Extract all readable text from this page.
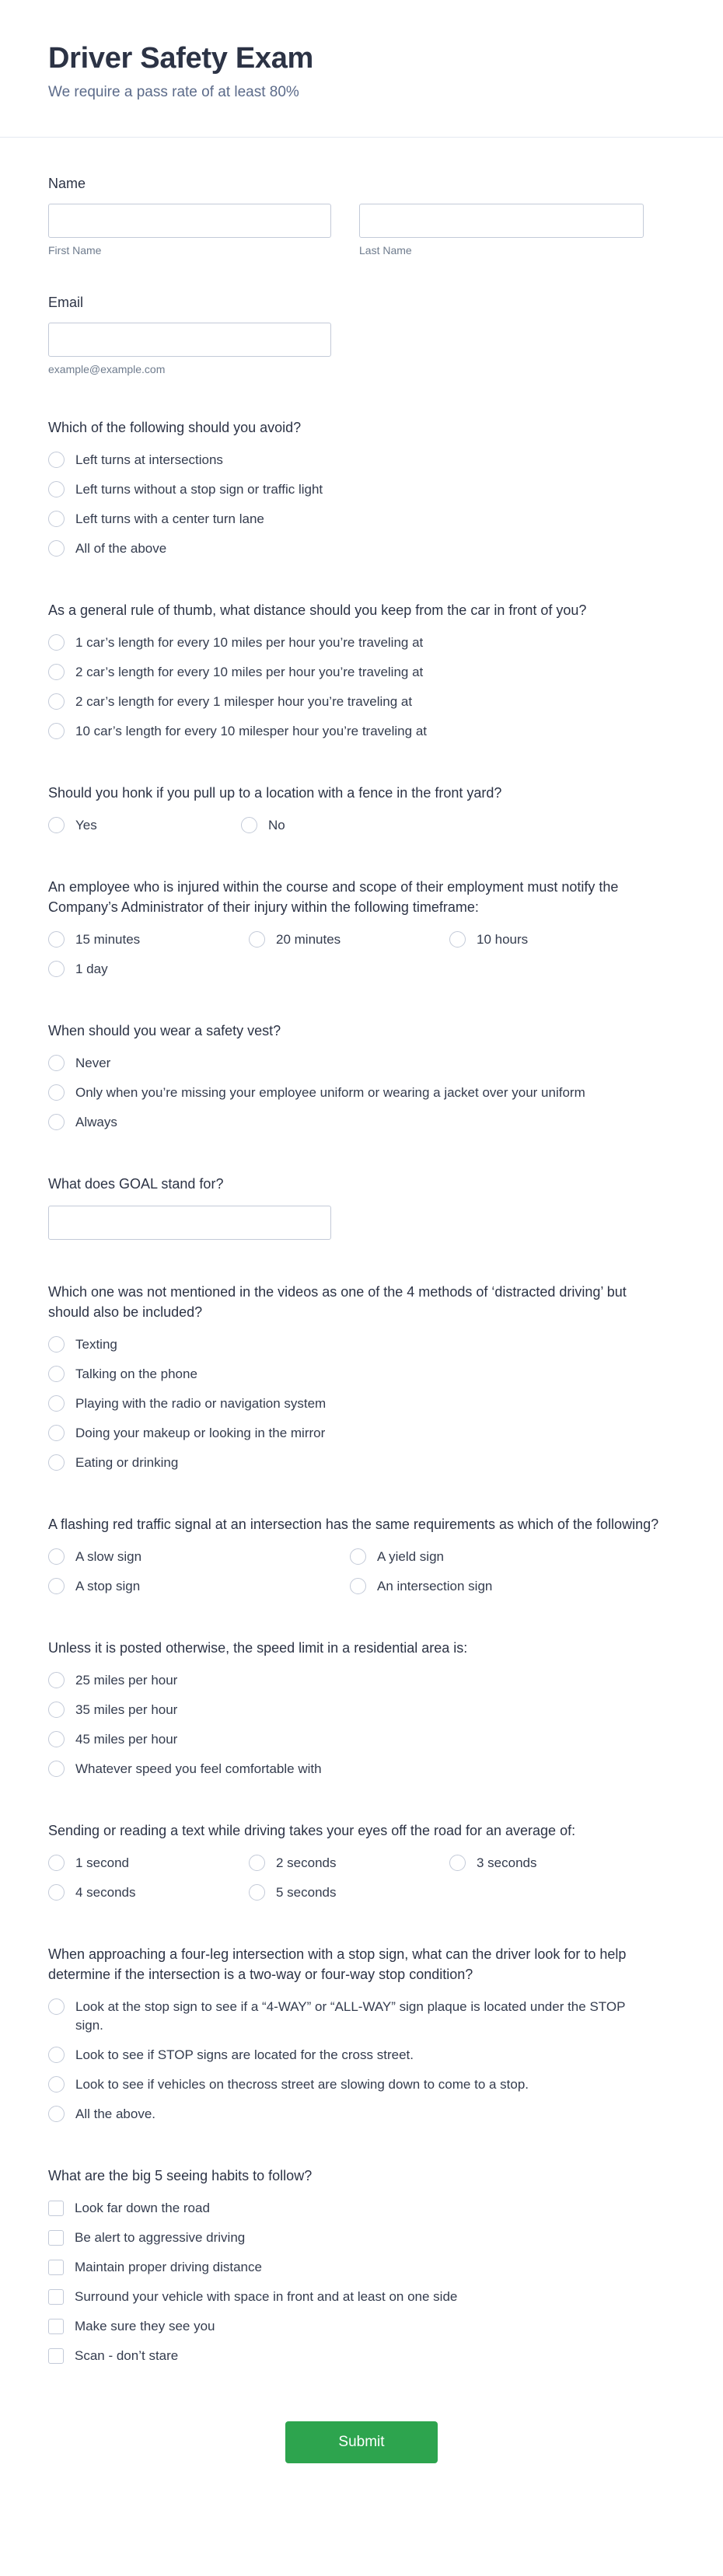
Driver Safety Exam
We require a pass rate of at least 80%
Name
First Name	Last Name
Email
example@example.com
Which of the following should you avoid?
Left turns at intersections
Left turns without a stop sign or traffic light
Left turns with a center turn lane
All of the above
As a general rule of thumb, what distance should you keep from the car in front of you?
1 car’s length for every 10 miles per hour you’re traveling at
2 car’s length for every 10 miles per hour you’re traveling at
2 car’s length for every 1 milesper hour you’re traveling at
10 car’s length for every 10 milesper hour you’re traveling at
Should you honk if you pull up to a location with a fence in the front yard?
Yes	No
An employee who is injured within the course and scope of their employment must notify the Company’s Administrator of their injury within the following timeframe:
15 minutes	20 minutes	10 hours
1 day
When should you wear a safety vest?
Never
Only when you’re missing your employee uniform or wearing a jacket over your uniform
Always
What does GOAL stand for?
Which one was not mentioned in the videos as one of the 4 methods of ‘distracted driving’ but should also be included?
Texting
Talking on the phone
Playing with the radio or navigation system
Doing your makeup or looking in the mirror
Eating or drinking
A flashing red traffic signal at an intersection has the same requirements as which of the following?
A slow sign	A yield sign
A stop sign	An intersection sign
Unless it is posted otherwise, the speed limit in a residential area is:
25 miles per hour
35 miles per hour
45 miles per hour
Whatever speed you feel comfortable with
Sending or reading a text while driving takes your eyes off the road for an average of:
1 second	2 seconds	3 seconds
4 seconds	5 seconds
When approaching a four-leg intersection with a stop sign, what can the driver look for to help determine if the intersection is a two-way or four-way stop condition?
Look at the stop sign to see if a “4-WAY” or “ALL-WAY” sign plaque is located under the STOP sign.
Look to see if STOP signs are located for the cross street.
Look to see if vehicles on thecross street are slowing down to come to a stop.
All the above.
What are the big 5 seeing habits to follow?
Look far down the road
Be alert to aggressive driving
Maintain proper driving distance
Surround your vehicle with space in front and at least on one side
Make sure they see you
Scan - don’t stare
Submit
